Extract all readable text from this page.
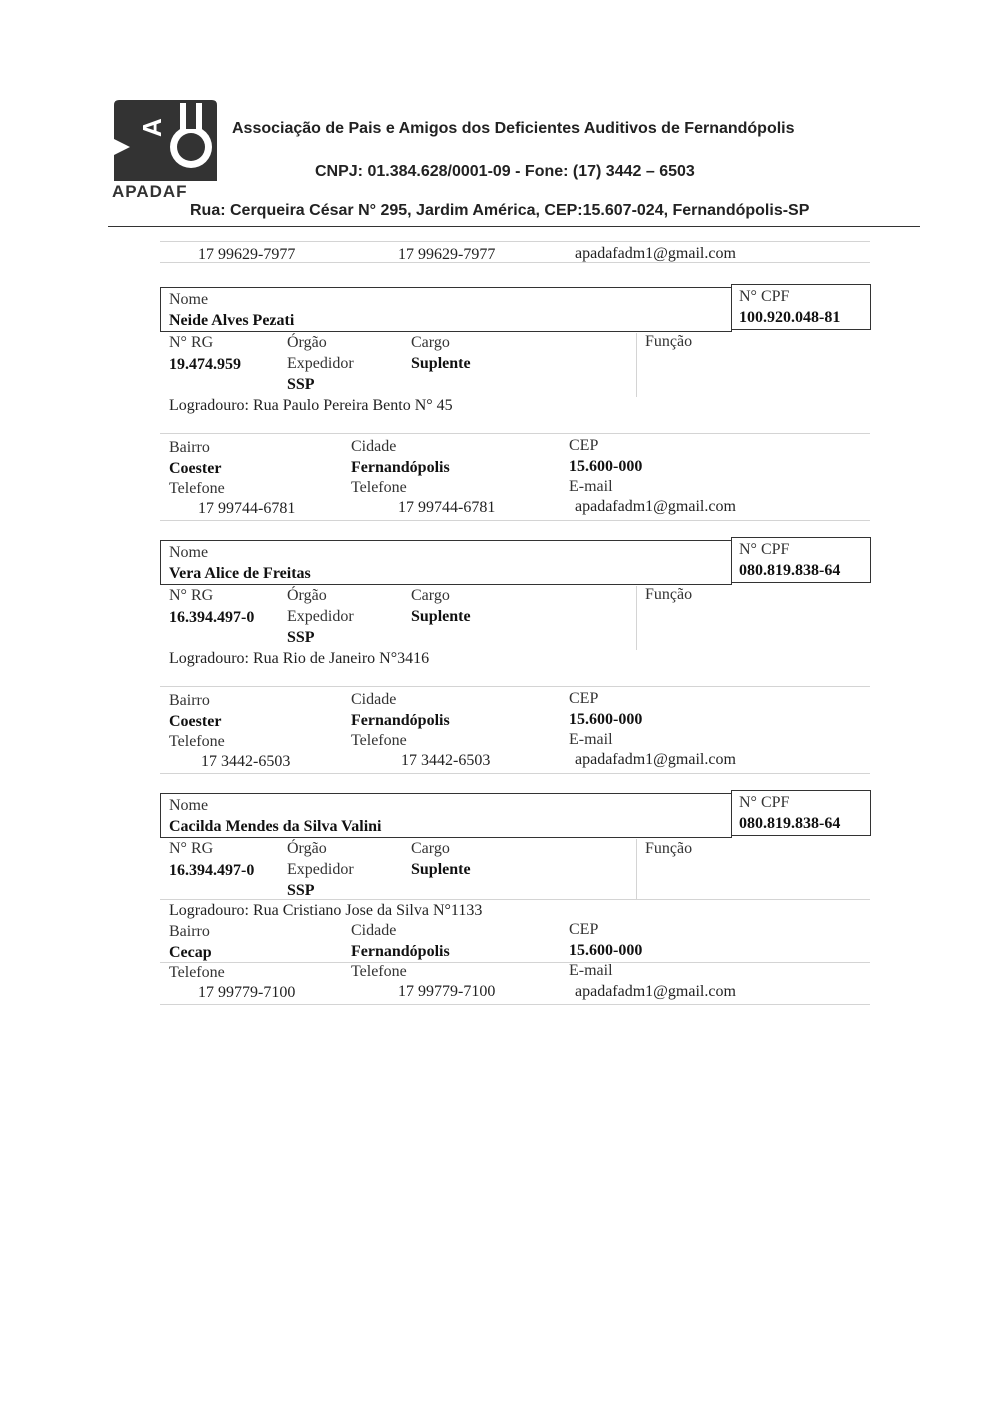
A
APADAF
Associação de Pais e Amigos dos Deficientes Auditivos de Fernandópolis
CNPJ: 01.384.628/0001-09 - Fone: (17) 3442 – 6503
Rua: Cerqueira César N° 295, Jardim América, CEP:15.607-024, Fernandópolis-SP
17 99629-7977	17 99629-7977	apadafadm1@gmail.com
Nome
Neide Alves Pezati
N° CPF
100.920.048-81
N° RG
19.474.959
Órgão
Expedidor
SSP
Cargo
Suplente
Função
Logradouro: Rua Paulo Pereira Bento N° 45
Bairro
Coester
Cidade
Fernandópolis
CEP
15.600-000
Telefone	Telefone	E-mail
17 99744-6781	17 99744-6781	apadafadm1@gmail.com
Nome
Vera Alice de Freitas
N° CPF
080.819.838-64
N° RG
16.394.497-0
Órgão
Expedidor
SSP
Cargo
Suplente
Função
Logradouro: Rua Rio de Janeiro N°3416
Bairro
Coester
Cidade
Fernandópolis
CEP
15.600-000
Telefone	Telefone	E-mail
17 3442-6503	17 3442-6503	apadafadm1@gmail.com
Nome
Cacilda Mendes da Silva Valini
N° CPF
080.819.838-64
N° RG
16.394.497-0
Órgão
Expedidor
SSP
Cargo
Suplente
Função
Logradouro: Rua Cristiano Jose da Silva N°1133
Bairro
Cecap
Cidade
Fernandópolis
CEP
15.600-000
Telefone	Telefone	E-mail
17 99779-7100	17 99779-7100	apadafadm1@gmail.com
